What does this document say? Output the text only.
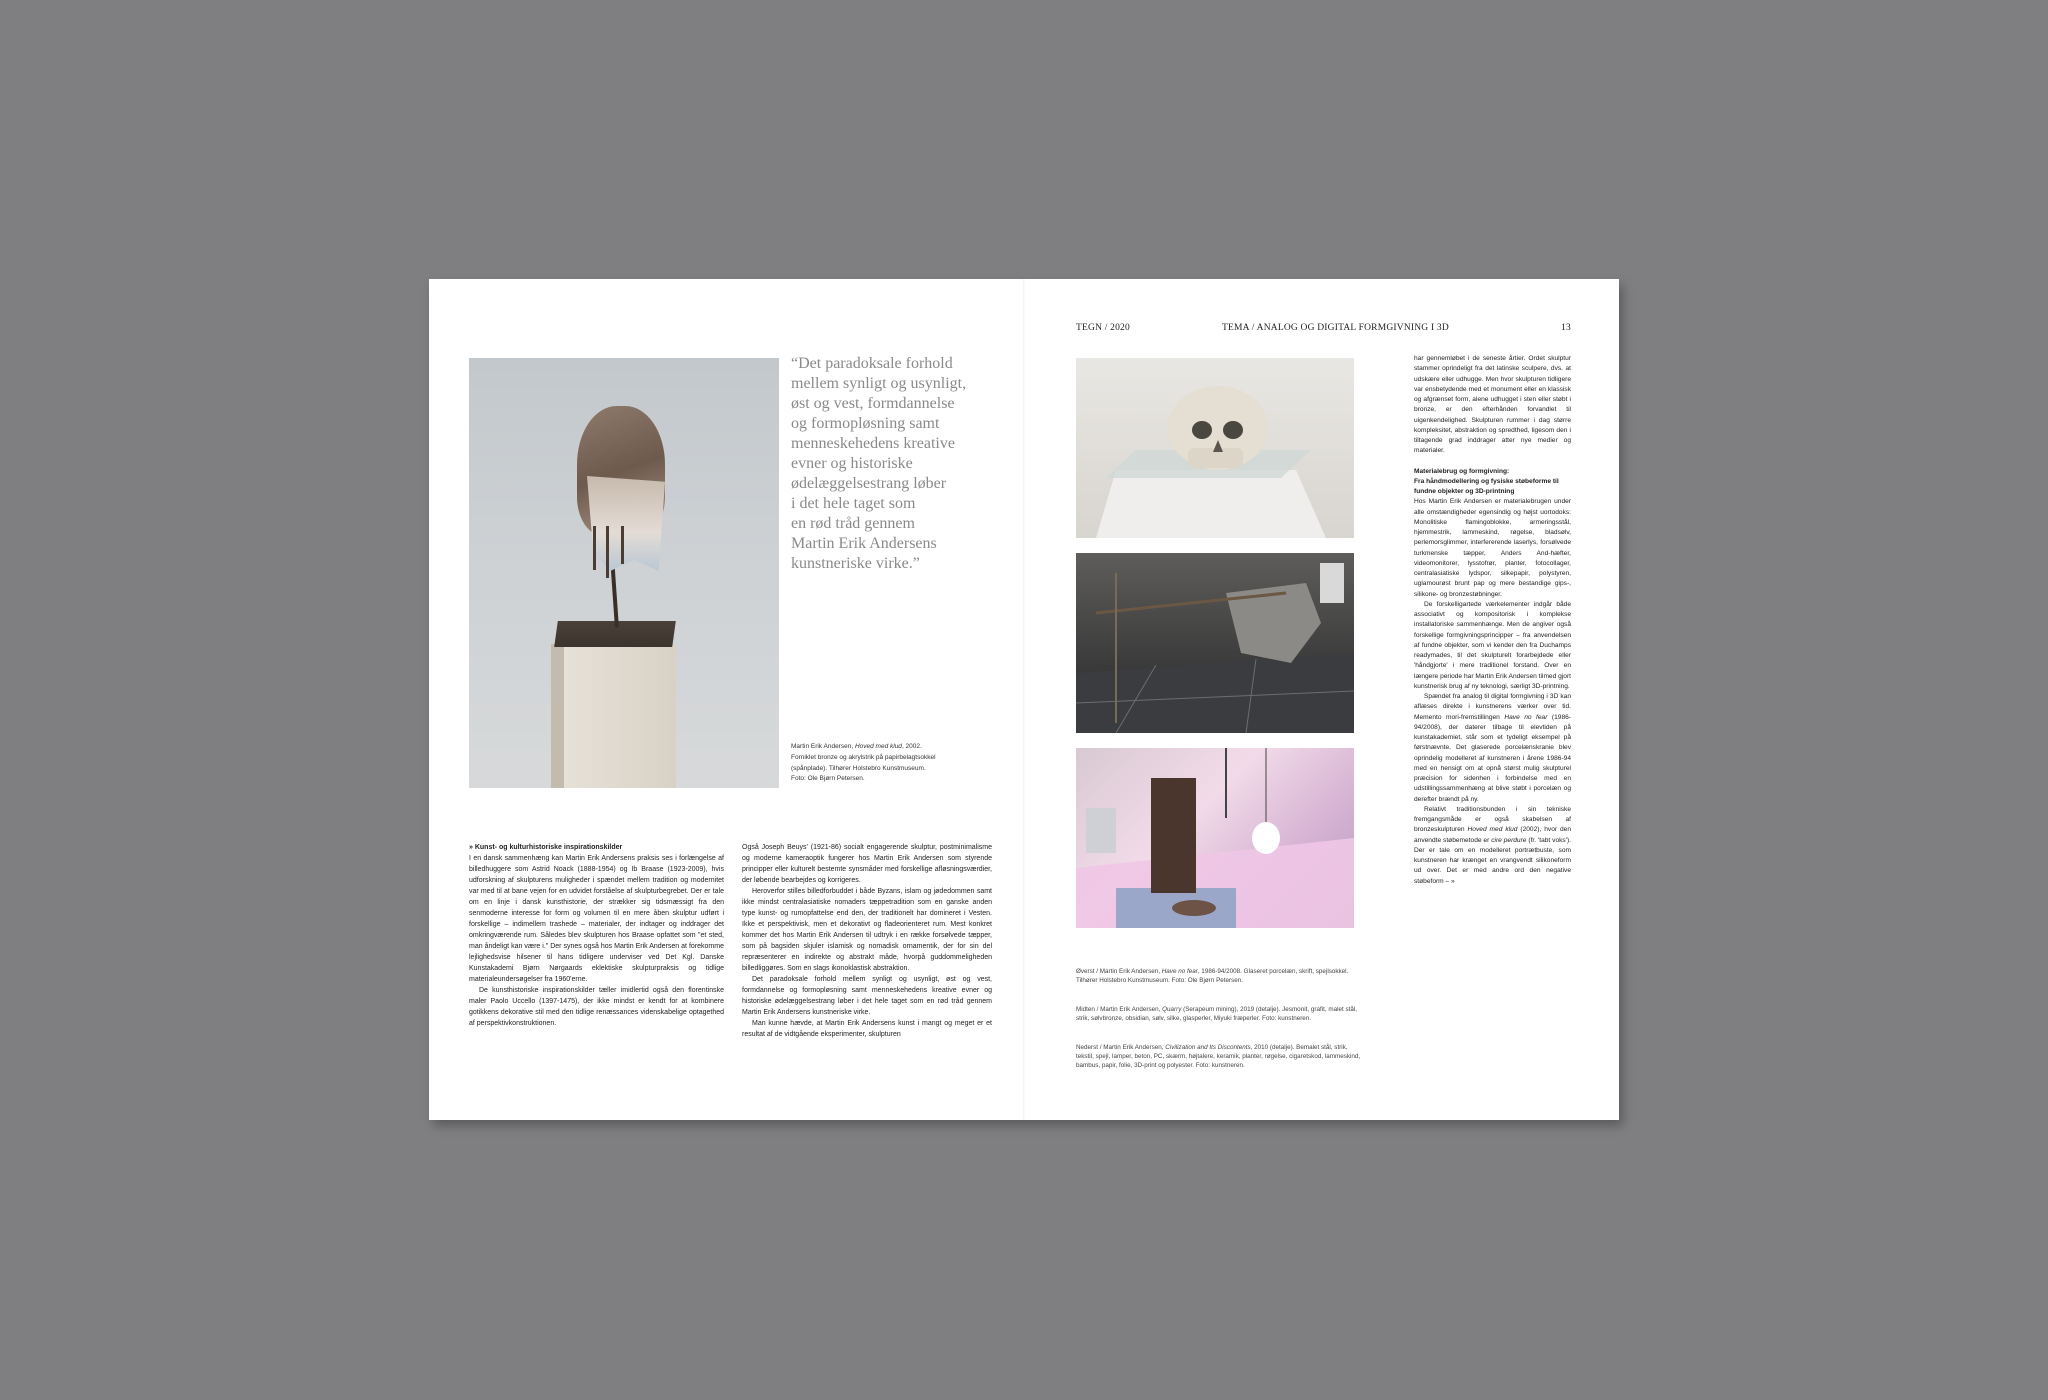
TEGN / 2020	TEMA / ANALOG OG DIGITAL FORMGIVNING I 3D	13
“Det paradoksale forhold
mellem synligt og usynligt,
øst og vest, formdannelse
og formopløsning samt
menneskehedens kreative
evner og historiske
ødelæggelsestrang løber
i det hele taget som
en rød tråd gennem
Martin Erik Andersens
kunstneriske virke.”
Martin Erik Andersen, Hoved med klud, 2002.
Forniklet bronze og akrylstrik på papirbelagtsokkel
(spånplade). Tilhører Holstebro Kunstmuseum.
Foto: Ole Bjørn Petersen.

» Kunst- og kulturhistoriske inspirationskilder

I en dansk sammenhæng kan Martin Erik Andersens praksis ses i forlængelse af billedhuggere som Astrid Noack (1888-1954) og Ib Braase (1923-2009), hvis udforskning af skulpturens muligheder i spændet mellem tradition og modernitet var med til at bane vejen for en udvidet forståelse af skulpturbegrebet. Der er tale om en linje i dansk kunsthistorie, der strækker sig tidsmæssigt fra den senmoderne interesse for form og volumen til en mere åben skulptur udført i forskellige – indimellem trashede – materialer, der indtager og inddrager det omkringværende rum. Således blev skulpturen hos Braase opfattet som "et sted, man åndeligt kan være i." Der synes også hos Martin Erik Andersen at forekomme lejlighedsvise hilsener til hans tidligere underviser ved Det Kgl. Danske Kunstakademi Bjørn Nørgaards eklektiske skulpturpraksis og tidlige materialeundersøgelser fra 1960'erne.

De kunsthistoriske inspirationskilder tæller imidlertid også den florentinske maler Paolo Uccello (1397-1475), der ikke mindst er kendt for at kombinere gotikkens dekorative stil med den tidlige renæssances videnskabelige optagethed af perspektivkonstruktionen.

Også Joseph Beuys' (1921-86) socialt engagerende skulptur, postminimalisme og moderne kameraoptik fungerer hos Martin Erik Andersen som styrende principper eller kulturelt bestemte synsmåder med forskellige afløsningsværdier, der løbende bearbejdes og korrigeres.

Heroverfor stilles billedforbuddet i både Byzans, islam og jødedommen samt ikke mindst centralasiatiske nomaders tæppetradition som en ganske anden type kunst- og rumopfattelse end den, der traditionelt har domineret i Vesten. Ikke et perspektivisk, men et dekorativt og fladeorienteret rum. Mest konkret kommer det hos Martin Erik Andersen til udtryk i en række forsølvede tæpper, som på bagsiden skjuler islamisk og nomadisk ornamentik, der for sin del repræsenterer en indirekte og abstrakt måde, hvorpå guddommeligheden billedliggøres. Som en slags ikonoklastisk abstraktion.

Det paradoksale forhold mellem synligt og usynligt, øst og vest, formdannelse og formopløsning samt menneskehedens kreative evner og historiske ødelæggelsestrang løber i det hele taget som en rød tråd gennem Martin Erik Andersens kunstneriske virke.

Man kunne hævde, at Martin Erik Andersens kunst i mangt og meget er et resultat af de vidtgående eksperimenter, skulpturen

Øverst / Martin Erik Andersen, Have no fear, 1986-94/2008. Glaseret porcelæn, skrift, spejlsokkel. Tilhører Holstebro Kunstmuseum. Foto: Ole Bjørn Petersen.
Midten / Martin Erik Andersen, Quarry (Serapeum mining), 2019 (detalje). Jesmonit, grafit, malet stål, strik, sølvbronze, obsidian, sølv, silke, glasperler, Miyuki fræperler. Foto: kunstneren.
Nederst / Martin Erik Andersen, Civilization and Its Discontents, 2010 (detalje). Bemalet stål, strik, tekstil, spejl, lamper, beton, PC, skærm, højtalere, keramik, planter, røgelse, cigaretskod, lammeskind, bambus, papir, folie, 3D-print og polyester. Foto: kunstneren.

har gennemløbet i de seneste årtier. Ordet skulptur stammer oprindeligt fra det latinske sculpere, dvs. at udskære eller udhugge. Men hvor skulpturen tidligere var ensbetydende med et monument eller en klassisk og afgrænset form, alene udhugget i sten eller støbt i bronze, er den efterhånden forvandlet til uigenkendelighed. Skulpturen rummer i dag større kompleksitet, abstraktion og spredthed, ligesom den i tiltagende grad inddrager atter nye medier og materialer.

Materialebrug og formgivning:

Fra håndmodellering og fysiske støbeforme til fundne objekter og 3D-printning

Hos Martin Erik Andersen er materialebrugen under alle omstændigheder egensindig og højst uortodoks: Monolitiske flamingoblokke, armeringsstål, hjemmestrik, lammeskind, røgelse, bladsølv, perlemorsglimmer, interfererende laserlys, forsølvede turkmenske tæpper, Anders And-hæfter, videomonitorer, lysstofrør, planter, fotocollager, centralasiatiske lydspor, silkepapir, polystyren, uglamourøst brunt pap og mere bestandige gips-, silikone- og bronzestøbninger.

De forskelligartede værkelementer indgår både associativt og kompositorisk i komplekse installatoriske sammenhænge. Men de angiver også forskellige formgivningsprincipper – fra anvendelsen af fundne objekter, som vi kender den fra Duchamps readymades, til det skulpturelt forarbejdede eller 'håndgjorte' i mere traditionel forstand. Over en længere periode har Martin Erik Andersen tilmed gjort kunstnerisk brug af ny teknologi, særligt 3D-printning.

Spændet fra analog til digital formgivning i 3D kan aflæses direkte i kunstnerens værker over tid. Memento mori-fremstillingen Have no fear (1986-94/2008), der daterer tilbage til elevtiden på kunstakademiet, står som et tydeligt eksempel på førstnævnte. Det glaserede porcelænskranie blev oprindelig modelleret af kunstneren i årene 1986-94 med en hensigt om at opnå størst mulig skulpturel præcision for sidenhen i forbindelse med en udstillingssammenhæng at blive støbt i porcelæn og derefter brændt på ny.

Relativt traditionsbunden i sin tekniske fremgangsmåde er også skabelsen af bronzeskulpturen Hoved med klud (2002), hvor den anvendte støbemetode er cire perdure (fr. 'tabt voks'). Der er tale om en modelleret portrætbuste, som kunstneren har krænget en vrangvendt silikoneform ud over. Det er med andre ord den negative støbeform – »
